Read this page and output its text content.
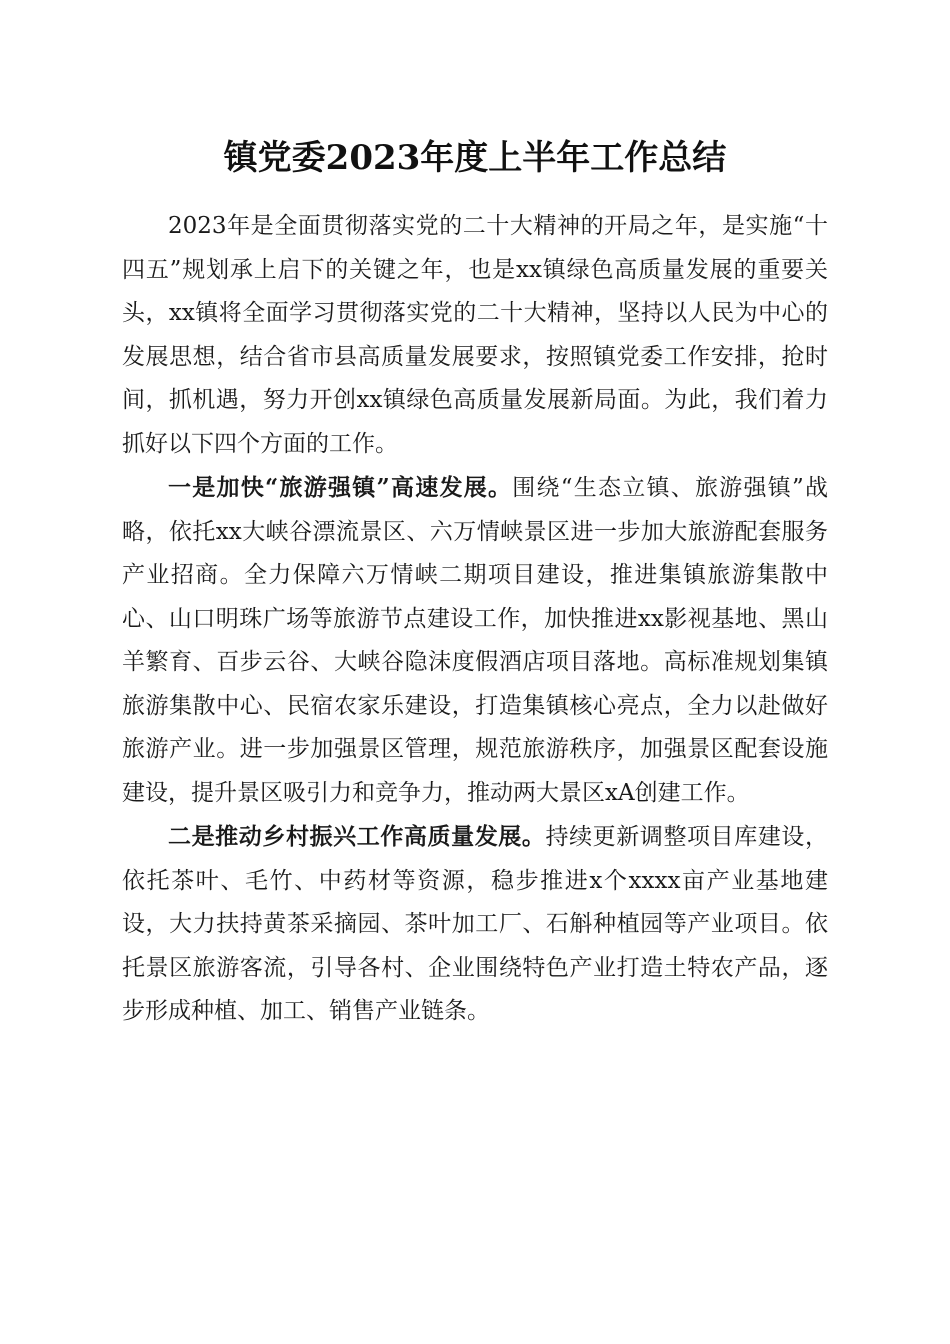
镇党委2023年度上半年工作总结

2023年是全面贯彻落实党的二十大精神的开局之年，是实施“十四五”规划承上启下的关键之年，也是xx镇绿色高质量发展的重要关头，xx镇将全面学习贯彻落实党的二十大精神，坚持以人民为中心的发展思想，结合省市县高质量发展要求，按照镇党委工作安排，抢时间，抓机遇，努力开创xx镇绿色高质量发展新局面。为此，我们着力抓好以下四个方面的工作。

一是加快“旅游强镇”高速发展。围绕“生态立镇、旅游强镇”战略，依托xx大峡谷漂流景区、六万情峡景区进一步加大旅游配套服务产业招商。全力保障六万情峡二期项目建设，推进集镇旅游集散中心、山口明珠广场等旅游节点建设工作，加快推进xx影视基地、黑山羊繁育、百步云谷、大峡谷隐沫度假酒店项目落地。高标准规划集镇旅游集散中心、民宿农家乐建设，打造集镇核心亮点，全力以赴做好旅游产业。进一步加强景区管理，规范旅游秩序，加强景区配套设施建设，提升景区吸引力和竞争力，推动两大景区xA创建工作。

二是推动乡村振兴工作高质量发展。持续更新调整项目库建设，依托茶叶、毛竹、中药材等资源，稳步推进x个xxxx亩产业基地建设，大力扶持黄茶采摘园、茶叶加工厂、石斛种植园等产业项目。依托景区旅游客流，引导各村、企业围绕特色产业打造土特农产品，逐步形成种植、加工、销售产业链条。
